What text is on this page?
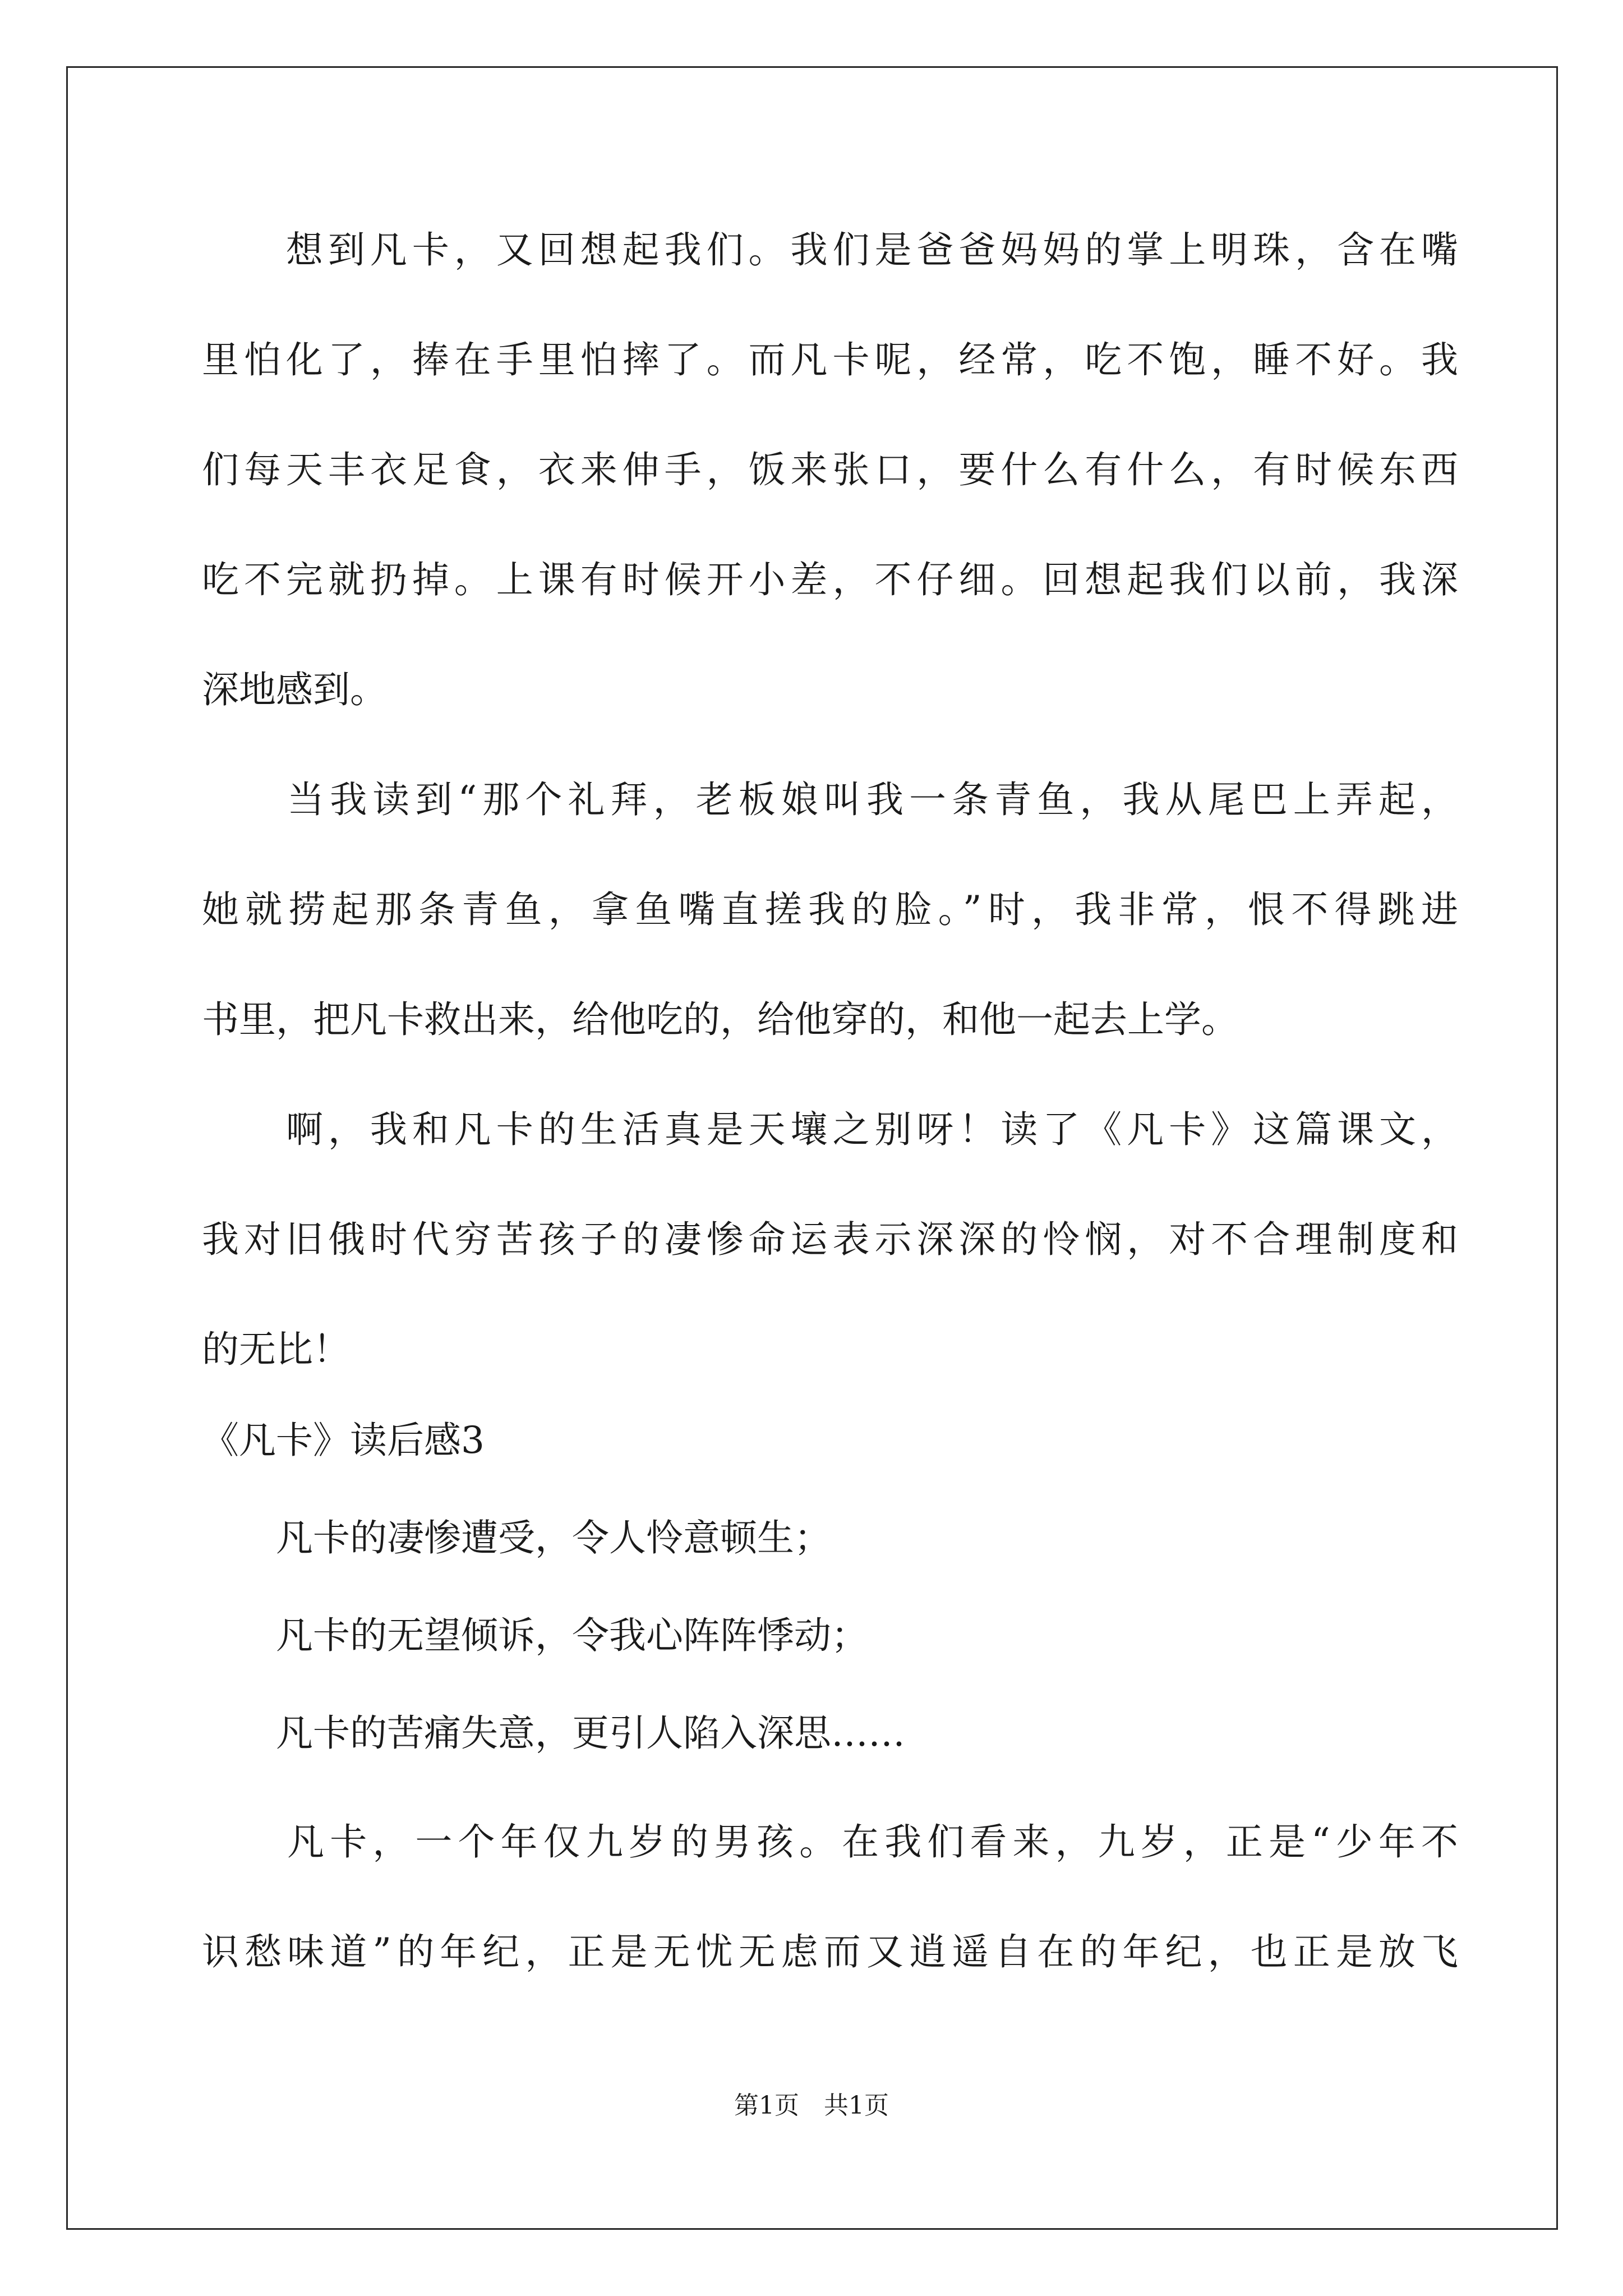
　　想到凡卡，又回想起我们。我们是爸爸妈妈的掌上明珠，含在嘴
里怕化了，捧在手里怕摔了。而凡卡呢，经常，吃不饱，睡不好。我
们每天丰衣足食，衣来伸手，饭来张口，要什么有什么，有时候东西
吃不完就扔掉。上课有时候开小差，不仔细。回想起我们以前，我深
深地感到。
　　当我读到“那个礼拜，老板娘叫我一条青鱼，我从尾巴上弄起，
她就捞起那条青鱼，拿鱼嘴直搓我的脸。”时，我非常，恨不得跳进
书里，把凡卡救出来，给他吃的，给他穿的，和他一起去上学。
　　啊，我和凡卡的生活真是天壤之别呀！读了《凡卡》这篇课文，
我对旧俄时代穷苦孩子的凄惨命运表示深深的怜悯，对不合理制度和
的无比！
《凡卡》读后感3
　　凡卡的凄惨遭受，令人怜意顿生；
　　凡卡的无望倾诉，令我心阵阵悸动；
　　凡卡的苦痛失意，更引人陷入深思……
　　凡卡，一个年仅九岁的男孩。在我们看来，九岁，正是“少年不
识愁味道”的年纪，正是无忧无虑而又逍遥自在的年纪，也正是放飞
第1页　共1页
